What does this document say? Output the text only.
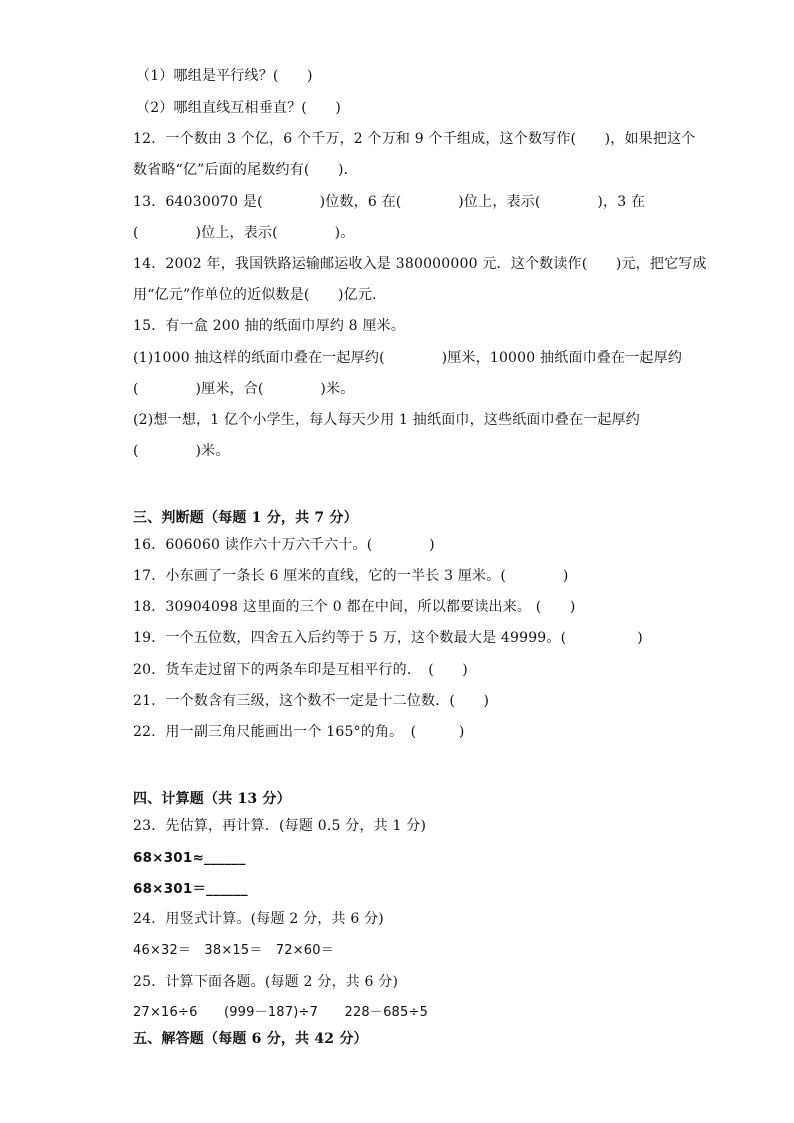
（1）哪组是平行线？(　　)
（2）哪组直线互相垂直？(　　)
12．一个数由 3 个亿，6 个千万，2 个万和 9 个千组成，这个数写作(　　)，如果把这个
数省略“亿”后面的尾数约有(　　)．
13．64030070 是(　　　　)位数，6 在(　　　　)位上，表示(　　　　)，3 在
(　　　　)位上，表示(　　　　)。
14．2002 年，我国铁路运输邮运收入是 380000000 元．这个数读作(　　)元，把它写成
用“亿元”作单位的近似数是(　　)亿元．
15．有一盒 200 抽的纸面巾厚约 8 厘米。
(1)1000 抽这样的纸面巾叠在一起厚约(　　　　)厘米，10000 抽纸面巾叠在一起厚约
(　　　　)厘米，合(　　　　)米。
(2)想一想，1 亿个小学生，每人每天少用 1 抽纸面巾，这些纸面巾叠在一起厚约
(　　　　)米。
三、判断题（每题 1 分，共 7 分）
16．606060 读作六十万六千六十。(　　　　)
17．小东画了一条长 6 厘米的直线，它的一半长 3 厘米。(　　　　)
18．30904098 这里面的三个 0 都在中间，所以都要读出来。 (　　)
19．一个五位数，四舍五入后约等于 5 万，这个数最大是 49999。(　　　　　)
20．货车走过留下的两条车印是互相平行的．　(　　)
21．一个数含有三级，这个数不一定是十二位数．(　　)
22．用一副三角尺能画出一个 165°的角。　(　　　)
四、计算题（共 13 分）
23．先估算，再计算．(每题 0.5 分，共 1 分)
68×301≈______
68×301＝______
24．用竖式计算。(每题 2 分，共 6 分)
46×32＝　38×15＝　72×60＝
25．计算下面各题。(每题 2 分，共 6 分)
27×16÷6　　(999－187)÷7　　228－685÷5
五、解答题（每题 6 分，共 42 分）
